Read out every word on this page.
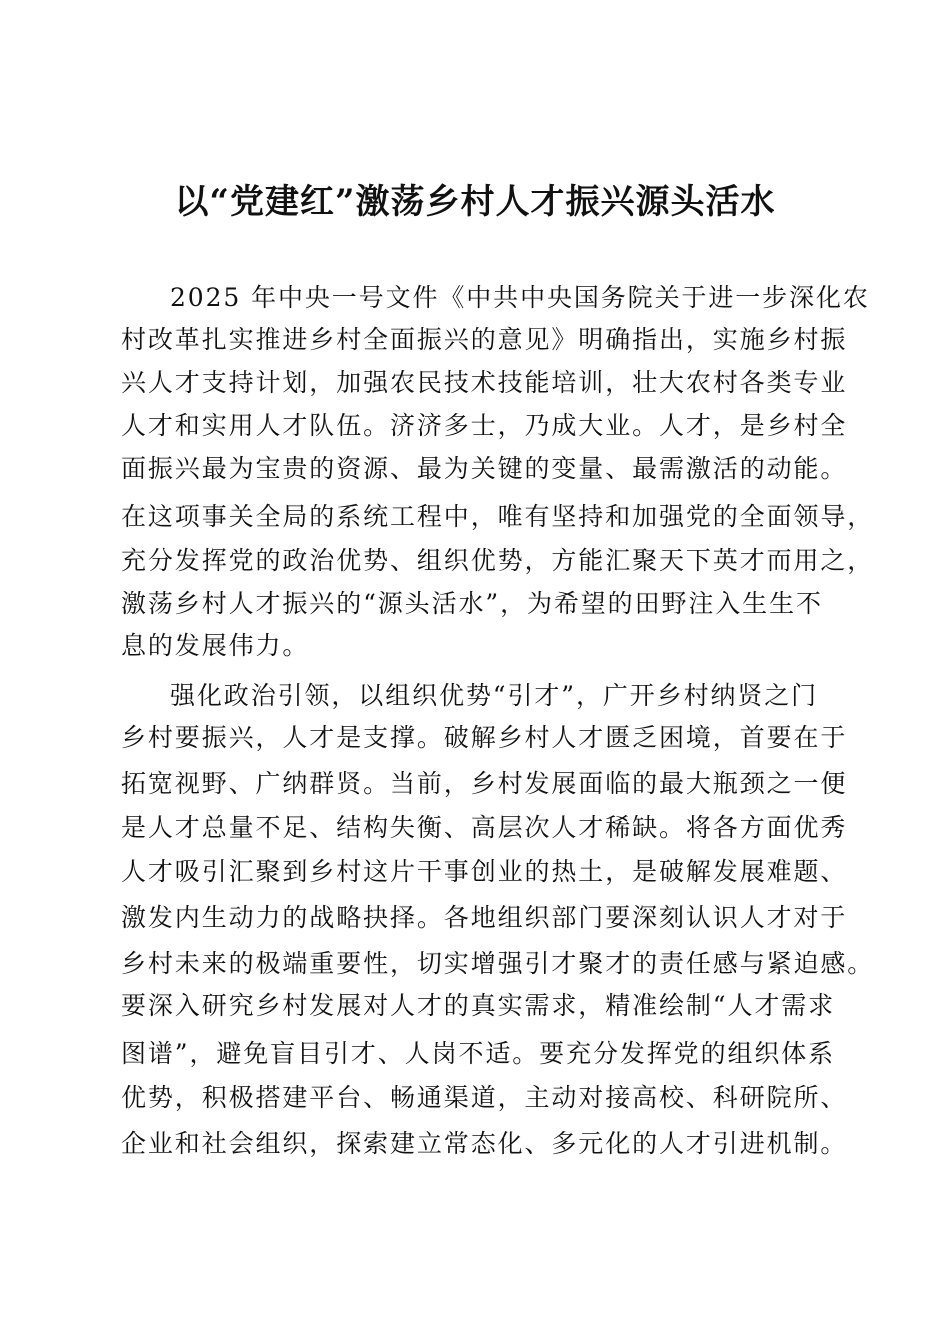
以“党建红”激荡乡村人才振兴源头活水
2025 年中央一号文件《中共中央国务院关于进一步深化农
村改革扎实推进乡村全面振兴的意见》明确指出，实施乡村振
兴人才支持计划，加强农民技术技能培训，壮大农村各类专业
人才和实用人才队伍。济济多士，乃成大业。人才，是乡村全
面振兴最为宝贵的资源、最为关键的变量、最需激活的动能。
在这项事关全局的系统工程中，唯有坚持和加强党的全面领导，
充分发挥党的政治优势、组织优势，方能汇聚天下英才而用之，
激荡乡村人才振兴的“源头活水”，为希望的田野注入生生不
息的发展伟力。
强化政治引领，以组织优势“引才”，广开乡村纳贤之门
乡村要振兴，人才是支撑。破解乡村人才匮乏困境，首要在于
拓宽视野、广纳群贤。当前，乡村发展面临的最大瓶颈之一便
是人才总量不足、结构失衡、高层次人才稀缺。将各方面优秀
人才吸引汇聚到乡村这片干事创业的热土，是破解发展难题、
激发内生动力的战略抉择。各地组织部门要深刻认识人才对于
乡村未来的极端重要性，切实增强引才聚才的责任感与紧迫感。
要深入研究乡村发展对人才的真实需求，精准绘制“人才需求
图谱”，避免盲目引才、人岗不适。要充分发挥党的组织体系
优势，积极搭建平台、畅通渠道，主动对接高校、科研院所、
企业和社会组织，探索建立常态化、多元化的人才引进机制。
